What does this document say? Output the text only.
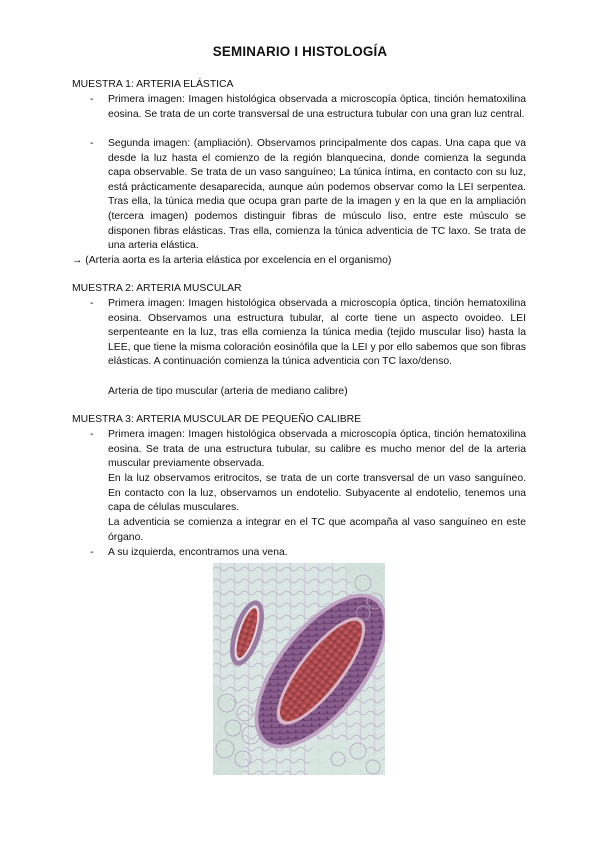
SEMINARIO I HISTOLOGÍA
MUESTRA 1: ARTERIA ELÁSTICA
- Primera imagen: Imagen histológica observada a microscopía óptica, tinción hematoxilina eosina. Se trata de un corte transversal de una estructura tubular con una gran luz central.
- Segunda imagen: (ampliación). Observamos principalmente dos capas. Una capa que va desde la luz hasta el comienzo de la región blanquecina, donde comienza la segunda capa observable. Se trata de un vaso sanguíneo; La túnica íntima, en contacto con su luz, está prácticamente desaparecida, aunque aún podemos observar como la LEI serpentea. Tras ella, la túnica media que ocupa gran parte de la imagen y en la que en la ampliación (tercera imagen) podemos distinguir fibras de músculo liso, entre este músculo se disponen fibras elásticas. Tras ella, comienza la túnica adventicia de TC laxo. Se trata de una arteria elástica.
→ (Arteria aorta es la arteria elástica por excelencia en el organismo)
MUESTRA 2: ARTERIA MUSCULAR
- Primera imagen: Imagen histológica observada a microscopía óptica, tinción hematoxilina eosina. Observamos una estructura tubular, al corte tiene un aspecto ovoideo. LEI serpenteante en la luz, tras ella comienza la túnica media (tejido muscular liso) hasta la LEE, que tiene la misma coloración eosinófila que la LEI y por ello sabemos que son fibras elásticas. A continuación comienza la túnica adventicia con TC laxo/denso.
Arteria de tipo muscular (arteria de mediano calibre)
MUESTRA 3: ARTERIA MUSCULAR DE PEQUEÑO CALIBRE
- Primera imagen: Imagen histológica observada a microscopía óptica, tinción hematoxilina eosina. Se trata de una estructura tubular, su calibre es mucho menor del de la arteria muscular previamente observada.
En la luz observamos eritrocitos, se trata de un corte transversal de un vaso sanguíneo. En contacto con la luz, observamos un endotelio. Subyacente al endotelio, tenemos una capa de células musculares.
La adventicia se comienza a integrar en el TC que acompaña al vaso sanguíneo en este órgano.
- A su izquierda, encontramos una vena.
